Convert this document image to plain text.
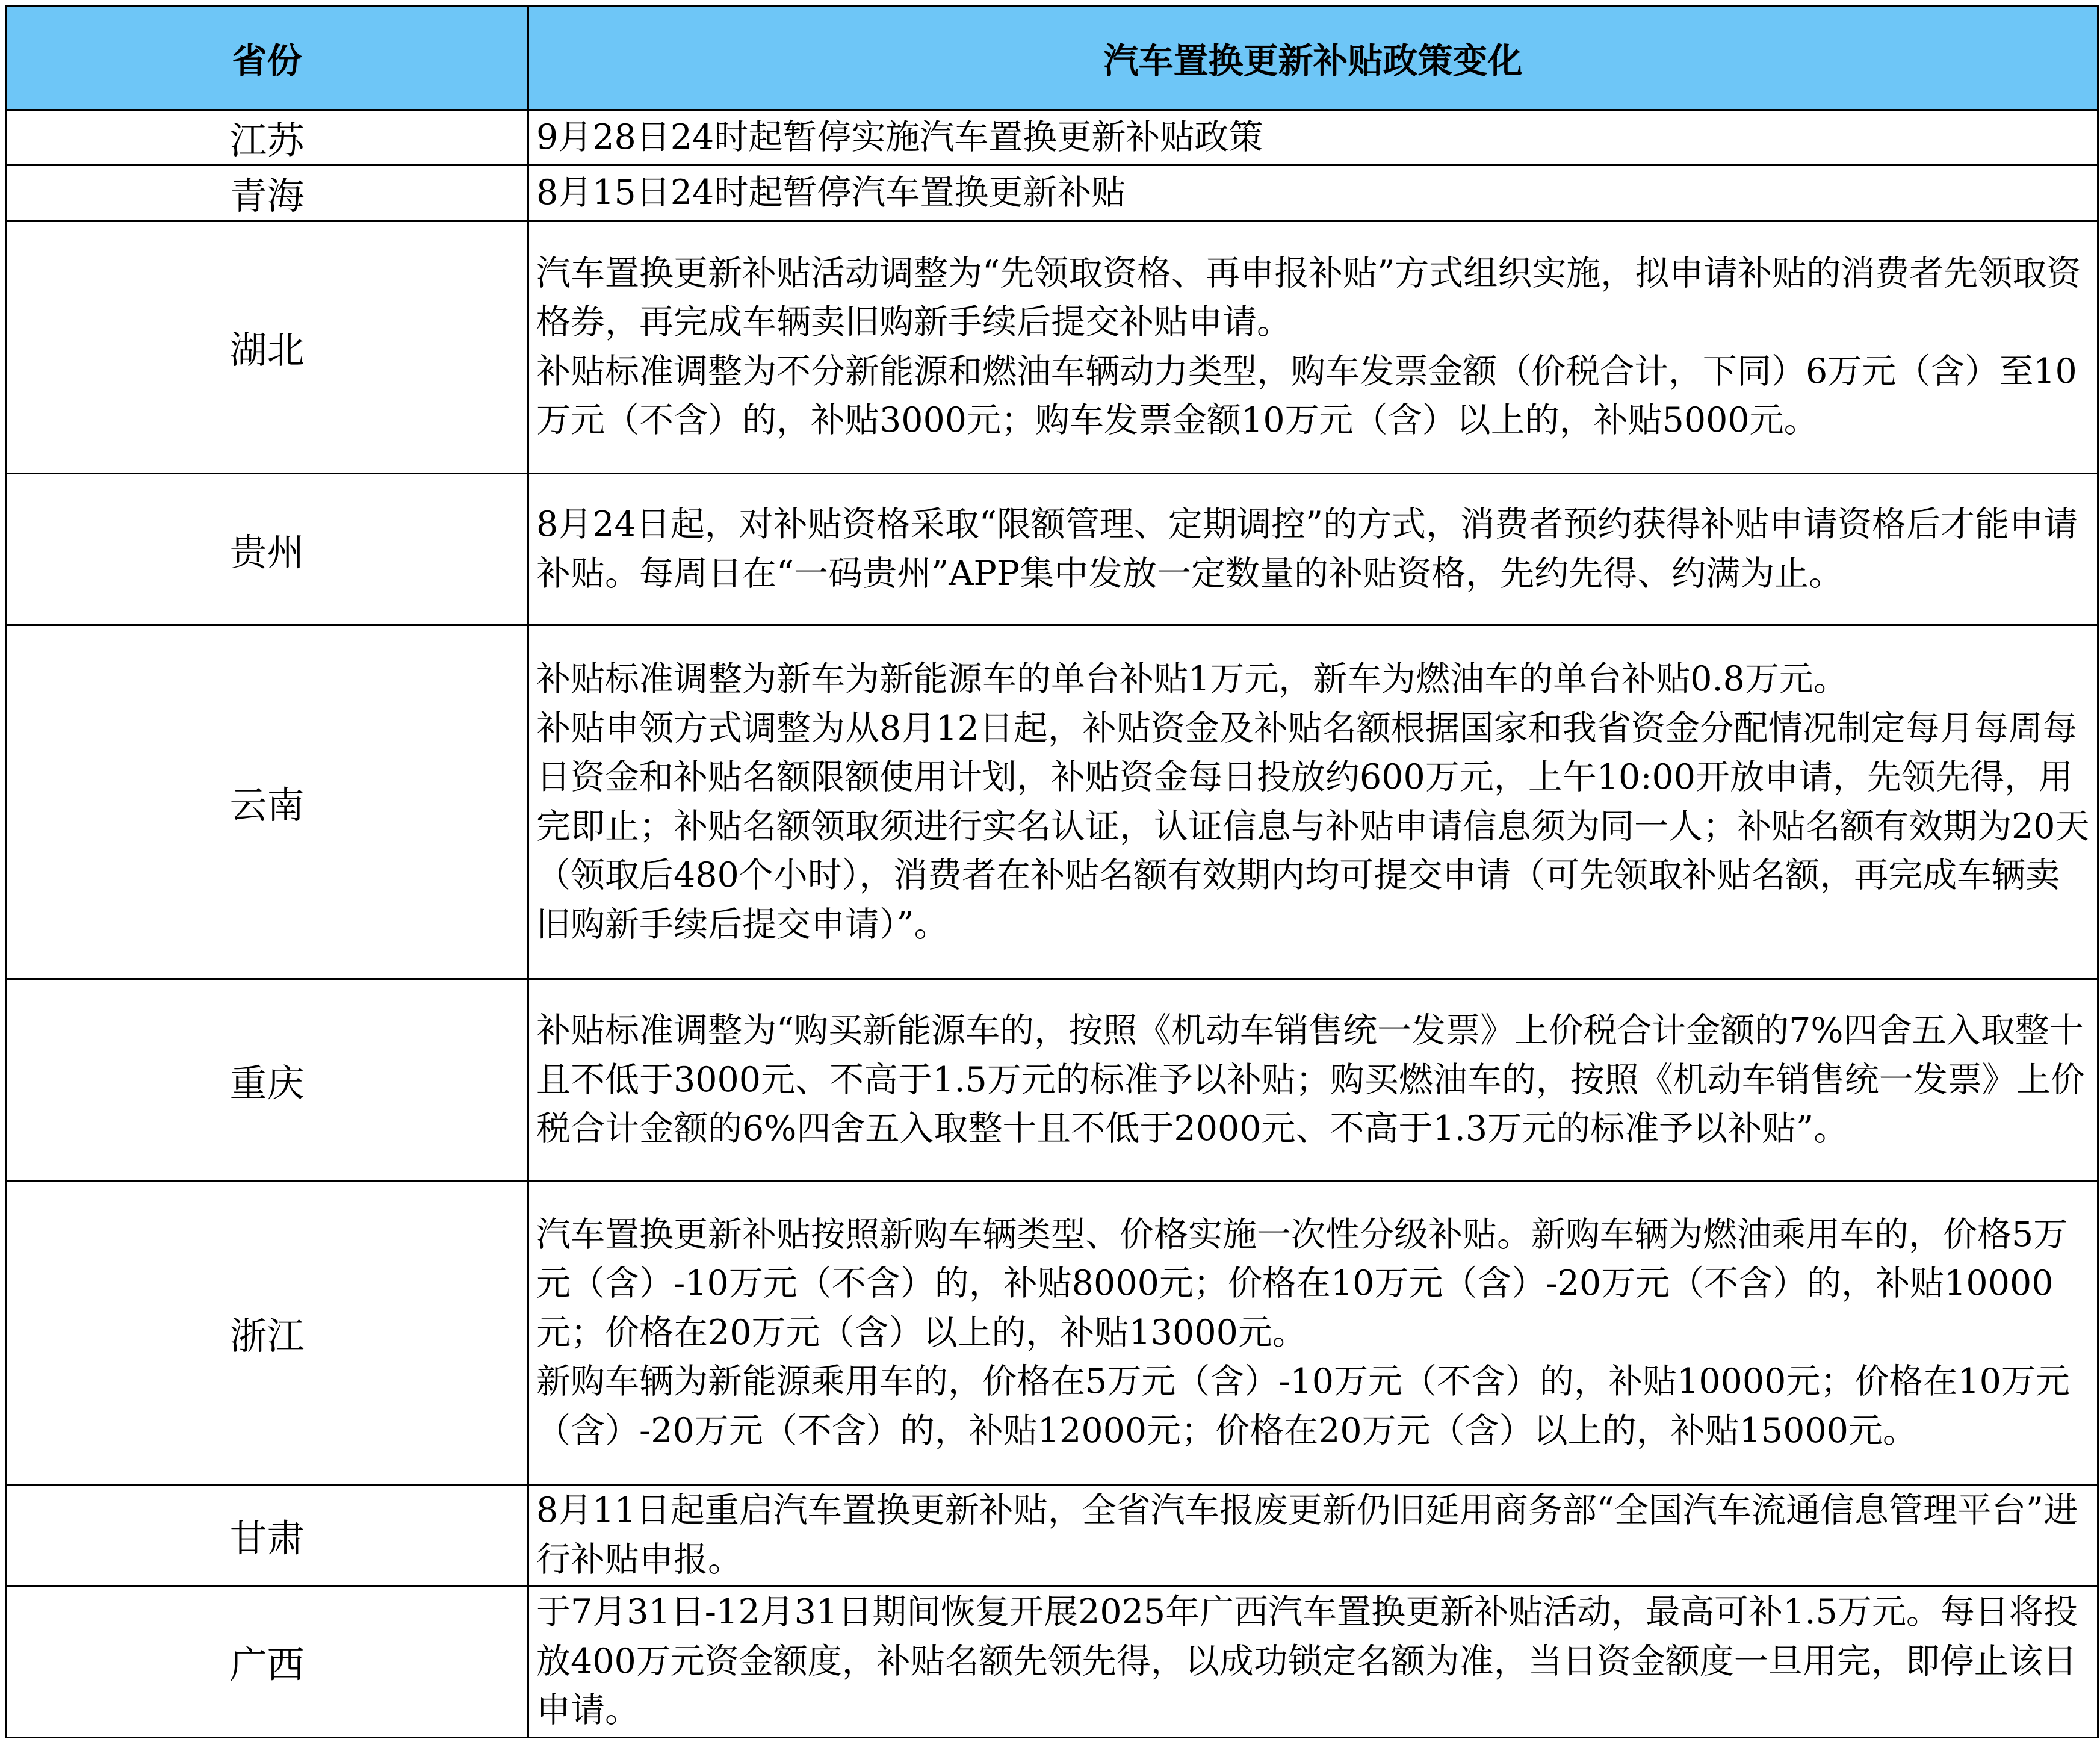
省份	汽车置换更新补贴政策变化
江苏	9月28日24时起暂停实施汽车置换更新补贴政策

青海	8月15日24时起暂停汽车置换更新补贴

湖北	汽车置换更新补贴活动调整为“先领取资格、再申报补贴”方式组织实施，拟申请补贴的消费者先领取资格券，再完成车辆卖旧购新手续后提交补贴申请。

补贴标准调整为不分新能源和燃油车辆动力类型，购车发票金额（价税合计，下同）6万元（含）至10万元（不含）的，补贴3000元；购车发票金额10万元（含）以上的，补贴5000元。

贵州	8月24日起，对补贴资格采取“限额管理、定期调控”的方式，消费者预约获得补贴申请资格后才能申请补贴。每周日在“一码贵州”APP集中发放一定数量的补贴资格，先约先得、约满为止。

云南	补贴标准调整为新车为新能源车的单台补贴1万元，新车为燃油车的单台补贴0.8万元。

补贴申领方式调整为从8月12日起，补贴资金及补贴名额根据国家和我省资金分配情况制定每月每周每日资金和补贴名额限额使用计划，补贴资金每日投放约600万元，上午10:00开放申请，先领先得，用完即止；补贴名额领取须进行实名认证，认证信息与补贴申请信息须为同一人；补贴名额有效期为20天（领取后480个小时），消费者在补贴名额有效期内均可提交申请（可先领取补贴名额，再完成车辆卖旧购新手续后提交申请）”。

重庆	补贴标准调整为“购买新能源车的，按照《机动车销售统一发票》上价税合计金额的7%四舍五入取整十且不低于3000元、不高于1.5万元的标准予以补贴；购买燃油车的，按照《机动车销售统一发票》上价税合计金额的6%四舍五入取整十且不低于2000元、不高于1.3万元的标准予以补贴”。

浙江	汽车置换更新补贴按照新购车辆类型、价格实施一次性分级补贴。新购车辆为燃油乘用车的，价格5万元（含）-10万元（不含）的，补贴8000元；价格在10万元（含）-20万元（不含）的，补贴10000元；价格在20万元（含）以上的，补贴13000元。

新购车辆为新能源乘用车的，价格在5万元（含）-10万元（不含）的，补贴10000元；价格在10万元（含）-20万元（不含）的，补贴12000元；价格在20万元（含）以上的，补贴15000元。

甘肃	8月11日起重启汽车置换更新补贴，全省汽车报废更新仍旧延用商务部“全国汽车流通信息管理平台”进行补贴申报。

广西	于7月31日-12月31日期间恢复开展2025年广西汽车置换更新补贴活动，最高可补1.5万元。每日将投放400万元资金额度，补贴名额先领先得，以成功锁定名额为准，当日资金额度一旦用完，即停止该日申请。
